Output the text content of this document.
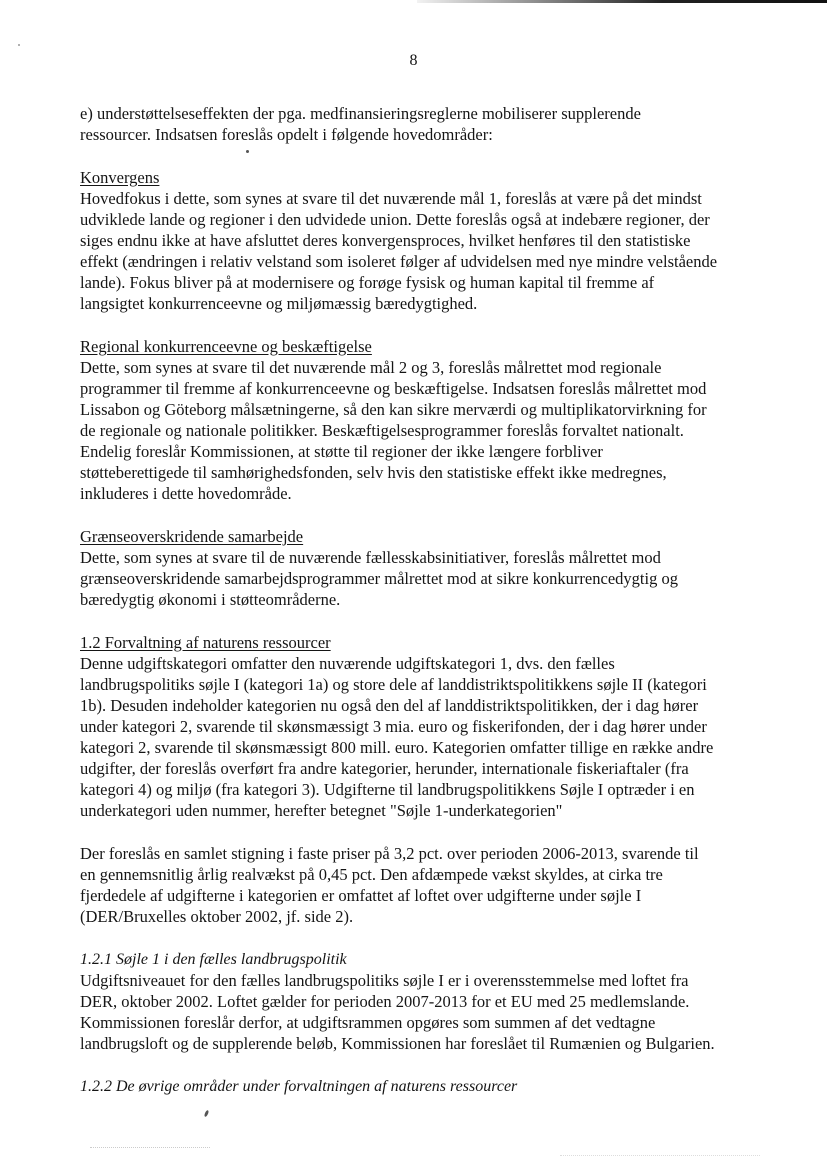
8

e) understøttelseseffekten der pga. medfinansieringsreglerne mobiliserer supplerende
ressourcer. Indsatsen foreslås opdelt i følgende hovedområder:

Konvergens

Hovedfokus i dette, som synes at svare til det nuværende mål 1, foreslås at være på det mindst
udviklede lande og regioner i den udvidede union. Dette foreslås også at indebære regioner, der
siges endnu ikke at have afsluttet deres konvergensproces, hvilket henføres til den statistiske
effekt (ændringen i relativ velstand som isoleret følger af udvidelsen med nye mindre velstående
lande). Fokus bliver på at modernisere og forøge fysisk og human kapital til fremme af
langsigtet konkurrenceevne og miljømæssig bæredygtighed.

Regional konkurrenceevne og beskæftigelse

Dette, som synes at svare til det nuværende mål 2 og 3, foreslås målrettet mod regionale
programmer til fremme af konkurrenceevne og beskæftigelse. Indsatsen foreslås målrettet mod
Lissabon og Göteborg målsætningerne, så den kan sikre merværdi og multiplikatorvirkning for
de regionale og nationale politikker. Beskæftigelsesprogrammer foreslås forvaltet nationalt.
Endelig foreslår Kommissionen, at støtte til regioner der ikke længere forbliver
støtteberettigede til samhørighedsfonden, selv hvis den statistiske effekt ikke medregnes,
inkluderes i dette hovedområde.

Grænseoverskridende samarbejde

Dette, som synes at svare til de nuværende fællesskabsinitiativer, foreslås målrettet mod
grænseoverskridende samarbejdsprogrammer målrettet mod at sikre konkurrencedygtig og
bæredygtig økonomi i støtteområderne.

1.2 Forvaltning af naturens ressourcer

Denne udgiftskategori omfatter den nuværende udgiftskategori 1, dvs. den fælles
landbrugspolitiks søjle I (kategori 1a) og store dele af landdistriktspolitikkens søjle II (kategori
1b). Desuden indeholder kategorien nu også den del af landdistriktspolitikken, der i dag hører
under kategori 2, svarende til skønsmæssigt 3 mia. euro og fiskerifonden, der i dag hører under
kategori 2, svarende til skønsmæssigt 800 mill. euro. Kategorien omfatter tillige en række andre
udgifter, der foreslås overført fra andre kategorier, herunder, internationale fiskeriaftaler (fra
kategori 4) og miljø (fra kategori 3). Udgifterne til landbrugspolitikkens Søjle I optræder i en
underkategori uden nummer, herefter betegnet "Søjle 1-underkategorien"

Der foreslås en samlet stigning i faste priser på 3,2 pct. over perioden 2006-2013, svarende til
en gennemsnitlig årlig realvækst på 0,45 pct. Den afdæmpede vækst skyldes, at cirka tre
fjerdedele af udgifterne i kategorien er omfattet af loftet over udgifterne under søjle I
(DER/Bruxelles oktober 2002, jf. side 2).

1.2.1 Søjle 1 i den fælles landbrugspolitik

Udgiftsniveauet for den fælles landbrugspolitiks søjle I er i overensstemmelse med loftet fra
DER, oktober 2002. Loftet gælder for perioden 2007-2013 for et EU med 25 medlemslande.
Kommissionen foreslår derfor, at udgiftsrammen opgøres som summen af det vedtagne
landbrugsloft og de supplerende beløb, Kommissionen har foreslået til Rumænien og Bulgarien.

1.2.2 De øvrige områder under forvaltningen af naturens ressourcer
